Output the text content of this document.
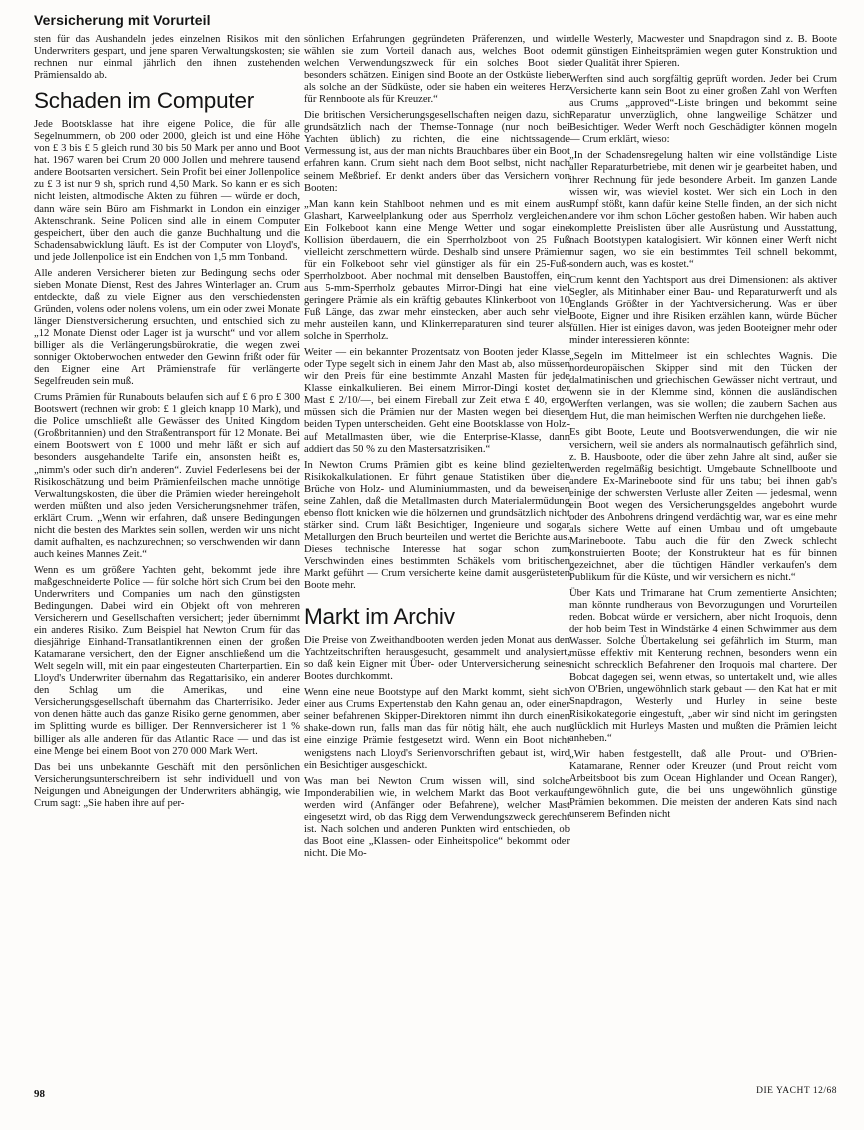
Versicherung mit Vorurteil

sten für das Aushandeln jedes einzelnen Risikos mit den Underwriters gespart, und jene sparen Verwaltungskosten; sie rechnen nur einmal jährlich den ihnen zustehenden Prämiensaldo ab.

Schaden im Computer

Jede Bootsklasse hat ihre eigene Police, die für alle Segelnummern, ob 200 oder 2000, gleich ist und eine Höhe von £ 3 bis £ 5 gleich rund 30 bis 50 Mark per anno und Boot hat. 1967 waren bei Crum 20 000 Jollen und mehrere tausend andere Bootsarten versichert. Sein Profit bei einer Jollenpolice zu £ 3 ist nur 9 sh, sprich rund 4,50 Mark. So kann er es sich nicht leisten, altmodische Akten zu führen — würde er doch, dann wäre sein Büro am Fishmarkt in London ein einziger Aktenschrank. Seine Policen sind alle in einem Computer gespeichert, über den auch die ganze Buchhaltung und die Schadensabwicklung läuft. Es ist der Computer von Lloyd's, und jede Jollenpolice ist ein Endchen von 1,5 mm Tonband.

Alle anderen Versicherer bieten zur Bedingung sechs oder sieben Monate Dienst, Rest des Jahres Winterlager an. Crum entdeckte, daß zu viele Eigner aus den verschiedensten Gründen, volens oder nolens volens, um ein oder zwei Monate länger Dienstversicherung ersuchten, und entschied sich zu „12 Monate Dienst oder Lager ist ja wurscht“ und vor allem billiger als die Verlängerungsbürokratie, die wegen zwei sonniger Oktoberwochen entweder den Gewinn frißt oder für den Eigner eine Art Prämienstrafe für verlängerte Segelfreuden sein muß.

Crums Prämien für Runabouts belaufen sich auf £ 6 pro £ 300 Bootswert (rechnen wir grob: £ 1 gleich knapp 10 Mark), und die Police umschließt alle Gewässer des United Kingdom (Großbritannien) und den Straßentransport für 12 Monate. Bei einem Bootswert von £ 1000 und mehr läßt er sich auf besonders ausgehandelte Tarife ein, ansonsten heißt es, „nimm's oder such dir'n anderen“. Zuviel Federlesens bei der Risikoschätzung und beim Prämienfeilschen mache unnötige Verwaltungskosten, die über die Prämien wieder hereingeholt werden müßten und also jeden Versicherungsnehmer träfen, erklärt Crum. „Wenn wir erfahren, daß unsere Bedingungen nicht die besten des Marktes sein sollen, werden wir uns nicht damit aufhalten, es nachzurechnen; so verschwenden wir dann auch keines Mannes Zeit.“

Wenn es um größere Yachten geht, bekommt jede ihre maßgeschneiderte Police — für solche hört sich Crum bei den Underwriters und Companies um nach den günstigsten Bedingungen. Dabei wird ein Objekt oft von mehreren Versicherern und Gesellschaften versichert; jeder übernimmt ein anderes Risiko. Zum Beispiel hat Newton Crum für das diesjährige Einhand-Transatlantikrennen einen der großen Katamarane versichert, den der Eigner anschließend um die Welt segeln will, mit ein paar eingesteuten Charterpartien. Ein Lloyd's Underwriter übernahm das Regattarisiko, ein anderer den Schlag um die Amerikas, und eine Versicherungsgesellschaft übernahm das Charterrisiko. Jeder von denen hätte auch das ganze Risiko gerne genommen, aber im Splitting wurde es billiger. Der Rennversicherer ist 1 % billiger als alle anderen für das Atlantic Race — und das ist eine Menge bei einem Boot von 270 000 Mark Wert.

Das bei uns unbekannte Geschäft mit den persönlichen Versicherungsunterschreibern ist sehr individuell und von Neigungen und Abneigungen der Underwriters abhängig, wie Crum sagt: „Sie haben ihre auf per-

sönlichen Erfahrungen gegründeten Präferenzen, und wir wählen sie zum Vorteil danach aus, welches Boot oder welchen Verwendungszweck für ein solches Boot sie besonders schätzen. Einigen sind Boote an der Ostküste lieber als solche an der Südküste, oder sie haben ein weiteres Herz für Rennboote als für Kreuzer.“

Die britischen Versicherungsgesellschaften neigen dazu, sich grundsätzlich nach der Themse-Tonnage (nur noch bei Yachten üblich) zu richten, die eine nichtssagende Vermessung ist, aus der man nichts Brauchbares über ein Boot erfahren kann. Crum sieht nach dem Boot selbst, nicht nach seinem Meßbrief. Er denkt anders über das Versichern von Booten:

„Man kann kein Stahlboot nehmen und es mit einem aus Glashart, Karweelplankung oder aus Sperrholz vergleichen. Ein Folkeboot kann eine Menge Wetter und sogar eine Kollision überdauern, die ein Sperrholzboot von 25 Fuß vielleicht zerschmettern würde. Deshalb sind unsere Prämien für ein Folkeboot sehr viel günstiger als für ein 25-Fuß-Sperrholzboot. Aber nochmal mit denselben Baustoffen, ein aus 5-mm-Sperrholz gebautes Mirror-Dingi hat eine viel geringere Prämie als ein kräftig gebautes Klinkerboot von 10 Fuß Länge, das zwar mehr einstecken, aber auch sehr viel mehr austeilen kann, und Klinkerreparaturen sind teurer als solche in Sperrholz.

Weiter — ein bekannter Prozentsatz von Booten jeder Klasse oder Type segelt sich in einem Jahr den Mast ab, also müssen wir den Preis für eine bestimmte Anzahl Masten für jede Klasse einkalkulieren. Bei einem Mirror-Dingi kostet der Mast £ 2/10/—, bei einem Fireball zur Zeit etwa £ 40, ergo müssen sich die Prämien nur der Masten wegen bei diesen beiden Typen unterscheiden. Geht eine Bootsklasse von Holz- auf Metallmasten über, wie die Enterprise-Klasse, dann addiert das 50 % zu den Mastersatzrisiken.“

In Newton Crums Prämien gibt es keine blind gezielten Risikokalkulationen. Er führt genaue Statistiken über die Brüche von Holz- und Aluminiummasten, und da beweisen seine Zahlen, daß die Metallmasten durch Materialermüdung ebenso flott knicken wie die hölzernen und grundsätzlich nicht stärker sind. Crum läßt Besichtiger, Ingenieure und sogar Metallurgen den Bruch beurteilen und wertet die Berichte aus. Dieses technische Interesse hat sogar schon zum Verschwinden eines bestimmten Schäkels vom britischen Markt geführt — Crum versicherte keine damit ausgerüsteten Boote mehr.

Markt im Archiv

Die Preise von Zweithandbooten werden jeden Monat aus den Yachtzeitschriften herausgesucht, gesammelt und analysiert, so daß kein Eigner mit Über- oder Unterversicherung seines Bootes durchkommt.

Wenn eine neue Bootstype auf den Markt kommt, sieht sich einer aus Crums Expertenstab den Kahn genau an, oder einer seiner befahrenen Skipper-Direktoren nimmt ihn durch einen shake-down run, falls man das für nötig hält, ehe auch nur eine einzige Prämie festgesetzt wird. Wenn ein Boot nicht wenigstens nach Lloyd's Serienvorschriften gebaut ist, wird ein Besichtiger ausgeschickt.

Was man bei Newton Crum wissen will, sind solche Imponderabilien wie, in welchem Markt das Boot verkauft werden wird (Anfänger oder Befahrene), welcher Mast eingesetzt wird, ob das Rigg dem Verwendungszweck gerecht ist. Nach solchen und anderen Punkten wird entschieden, ob das Boot eine „Klassen- oder Einheitspolice“ bekommt oder nicht. Die Mo-

delle Westerly, Macwester und Snapdragon sind z. B. Boote mit günstigen Einheitsprämien wegen guter Konstruktion und der Qualität ihrer Spieren.

Werften sind auch sorgfältig geprüft worden. Jeder bei Crum Versicherte kann sein Boot zu einer großen Zahl von Werften aus Crums „approved“-Liste bringen und bekommt seine Reparatur unverzüglich, ohne langweilige Schätzer und Besichtiger. Weder Werft noch Geschädigter können mogeln — Crum erklärt, wieso:

„In der Schadensregelung halten wir eine vollständige Liste aller Reparaturbetriebe, mit denen wir je gearbeitet haben, und ihrer Rechnung für jede besondere Arbeit. Im ganzen Lande wissen wir, was wieviel kostet. Wer sich ein Loch in den Rumpf stößt, kann dafür keine Stelle finden, an der sich nicht andere vor ihm schon Löcher gestoßen haben. Wir haben auch komplette Preislisten über alle Ausrüstung und Ausstattung, nach Bootstypen katalogisiert. Wir können einer Werft nicht nur sagen, wo sie ein bestimmtes Teil schnell bekommt, sondern auch, was es kostet.“

Crum kennt den Yachtsport aus drei Dimensionen: als aktiver Segler, als Mitinhaber einer Bau- und Reparaturwerft und als Englands Größter in der Yachtversicherung. Was er über Boote, Eigner und ihre Risiken erzählen kann, würde Bücher füllen. Hier ist einiges davon, was jeden Booteigner mehr oder minder interessieren könnte:

„Segeln im Mittelmeer ist ein schlechtes Wagnis. Die nordeuropäischen Skipper sind mit den Tücken der dalmatinischen und griechischen Gewässer nicht vertraut, und wenn sie in der Klemme sind, können die ausländischen Werften verlangen, was sie wollen; die zaubern Sachen aus dem Hut, die man heimischen Werften nie durchgehen ließe.

Es gibt Boote, Leute und Bootsverwendungen, die wir nie versichern, weil sie anders als normalnautisch gefährlich sind, z. B. Hausboote, oder die über zehn Jahre alt sind, außer sie werden regelmäßig besichtigt. Umgebaute Schnellboote und andere Ex-Marineboote sind für uns tabu; bei ihnen gab's einige der schwersten Verluste aller Zeiten — jedesmal, wenn ein Boot wegen des Versicherungsgeldes angebohrt wurde oder des Anbohrens dringend verdächtig war, war es eine mehr als sichere Wette auf einen Umbau und oft umgebaute Marineboote. Tabu auch die für den Zweck schlecht konstruierten Boote; der Konstrukteur hat es für binnen gezeichnet, aber die tüchtigen Händler verkaufen's dem Publikum für die Küste, und wir versichern es nicht.“

Über Kats und Trimarane hat Crum zementierte Ansichten; man könnte rundheraus von Bevorzugungen und Vorurteilen reden. Bobcat würde er versichern, aber nicht Iroquois, denn der hob beim Test in Windstärke 4 einen Schwimmer aus dem Wasser. Solche Übertakelung sei gefährlich im Sturm, man müsse effektiv mit Kenterung rechnen, besonders wenn ein nicht schrecklich Befahrener den Iroquois mal chartere. Der Bobcat dagegen sei, wenn etwas, so untertakelt und, wie alles von O'Brien, ungewöhnlich stark gebaut — den Kat hat er mit Snapdragon, Westerly und Hurley in seine beste Risikokategorie eingestuft, „aber wir sind nicht im geringsten glücklich mit Hurleys Masten und mußten die Prämien leicht anheben.“

„Wir haben festgestellt, daß alle Prout- und O'Brien-Katamarane, Renner oder Kreuzer (und Prout reicht vom Arbeitsboot bis zum Ocean Highlander und Ocean Ranger), ungewöhnlich gute, die bei uns ungewöhnlich günstige Prämien bekommen. Die meisten der anderen Kats sind nach unserem Befinden nicht

98	DIE YACHT 12/68
